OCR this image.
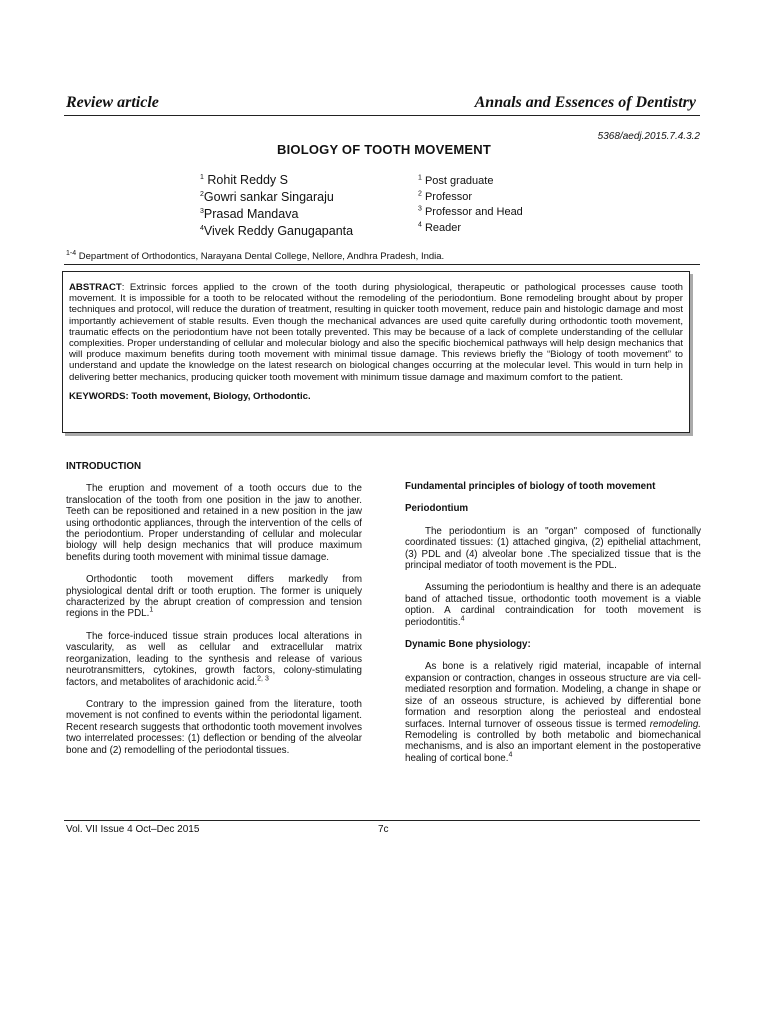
Review article	Annals and Essences of Dentistry
5368/aedj.2015.7.4.3.2
BIOLOGY OF TOOTH MOVEMENT
$^1$ Rohit Reddy S
$^2$Gowri sankar Singaraju
$^3$Prasad Mandava
$^4$Vivek Reddy Ganugapanta
$^1$ Post graduate
$^2$ Professor
$^3$ Professor and Head
$^4$ Reader
$^{1-4}$ Department of Orthodontics, Narayana Dental College, Nellore, Andhra Pradesh, India.

ABSTRACT: Extrinsic forces applied to the crown of the tooth during physiological, therapeutic or pathological processes cause tooth movement. It is impossible for a tooth to be relocated without the remodeling of the periodontium. Bone remodeling brought about by proper techniques and protocol, will reduce the duration of treatment, resulting in quicker tooth movement, reduce pain and histologic damage and most importantly achievement of stable results. Even though the mechanical advances are used quite carefully during orthodontic tooth movement, traumatic effects on the periodontium have not been totally prevented. This may be because of a lack of complete understanding of the cellular complexities. Proper understanding of cellular and molecular biology and also the specific biochemical pathways will help design mechanics that will produce maximum benefits during tooth movement with minimal tissue damage. This reviews briefly the “Biology of tooth movement” to understand and update the knowledge on the latest research on biological changes occurring at the molecular level. This would in turn help in delivering better mechanics, producing quicker tooth movement with minimum tissue damage and maximum comfort to the patient.

KEYWORDS: Tooth movement, Biology, Orthodontic.

INTRODUCTION

The eruption and movement of a tooth occurs due to the translocation of the tooth from one position in the jaw to another. Teeth can be repositioned and retained in a new position in the jaw using orthodontic appliances, through the intervention of the cells of the periodontium. Proper understanding of cellular and molecular biology will help design mechanics that will produce maximum benefits during tooth movement with minimal tissue damage.

Orthodontic tooth movement differs markedly from physiological dental drift or tooth eruption. The former is uniquely characterized by the abrupt creation of compression and tension regions in the PDL.$^1$

The force-induced tissue strain produces local alterations in vascularity, as well as cellular and extracellular matrix reorganization, leading to the synthesis and release of various neurotransmitters, cytokines, growth factors, colony-stimulating factors, and metabolites of arachidonic acid.$^{2, 3}$

Contrary to the impression gained from the literature, tooth movement is not confined to events within the periodontal ligament. Recent research suggests that orthodontic tooth movement involves two interrelated processes: (1) deflection or bending of the alveolar bone and (2) remodelling of the periodontal tissues.

Fundamental principles of biology of tooth movement

Periodontium

The periodontium is an "organ" composed of functionally coordinated tissues: (1) attached gingiva, (2) epithelial attachment, (3) PDL and (4) alveolar bone .The specialized tissue that is the principal mediator of tooth movement is the PDL.

Assuming the periodontium is healthy and there is an adequate band of attached tissue, orthodontic tooth movement is a viable option. A cardinal contraindication for tooth movement is periodontitis.$^4$

Dynamic Bone physiology:

As bone is a relatively rigid material, incapable of internal expansion or contraction, changes in osseous structure are via cell-mediated resorption and formation. Modeling, a change in shape or size of an osseous structure, is achieved by differential bone formation and resorption along the periosteal and endosteal surfaces. Internal turnover of osseous tissue is termed remodeling. Remodeling is controlled by both metabolic and biomechanical mechanisms, and is also an important element in the postoperative healing of cortical bone.$^4$

Vol. VII Issue 4 Oct–Dec 2015	7c
